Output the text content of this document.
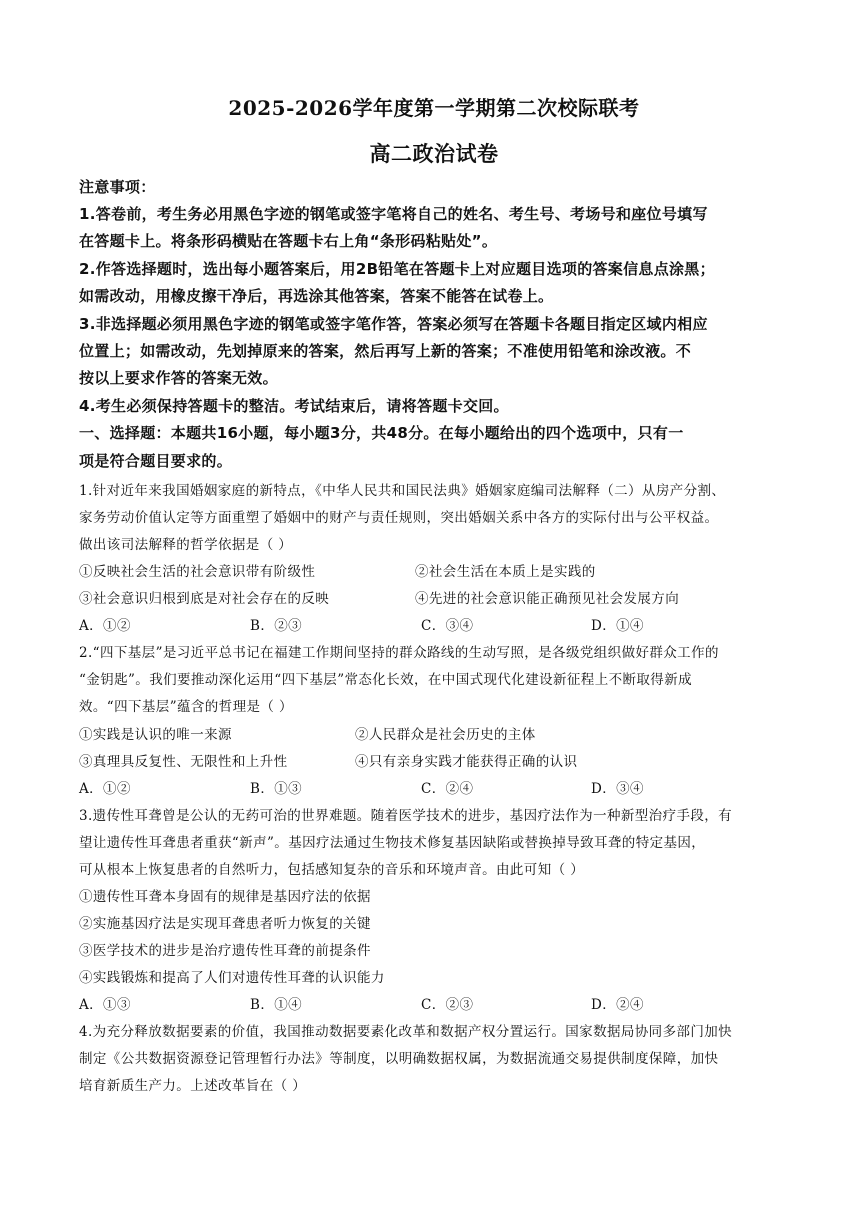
2025-2026学年度第一学期第二次校际联考
高二政治试卷
注意事项：
1.答卷前，考生务必用黑色字迹的钢笔或签字笔将自己的姓名、考生号、考场号和座位号填写
在答题卡上。将条形码横贴在答题卡右上角“条形码粘贴处”。
2.作答选择题时，选出每小题答案后，用2B铅笔在答题卡上对应题目选项的答案信息点涂黑；
如需改动，用橡皮擦干净后，再选涂其他答案，答案不能答在试卷上。
3.非选择题必须用黑色字迹的钢笔或签字笔作答，答案必须写在答题卡各题目指定区域内相应
位置上；如需改动，先划掉原来的答案，然后再写上新的答案；不准使用铅笔和涂改液。不
按以上要求作答的答案无效。
4.考生必须保持答题卡的整洁。考试结束后，请将答题卡交回。
一、选择题：本题共16小题，每小题3分，共48分。在每小题给出的四个选项中，只有一
项是符合题目要求的。
1.针对近年来我国婚姻家庭的新特点，《中华人民共和国民法典》婚姻家庭编司法解释（二）从房产分割、
家务劳动价值认定等方面重塑了婚姻中的财产与责任规则，突出婚姻关系中各方的实际付出与公平权益。
做出该司法解释的哲学依据是（ ）
①反映社会生活的社会意识带有阶级性	②社会生活在本质上是实践的
③社会意识归根到底是对社会存在的反映	④先进的社会意识能正确预见社会发展方向
A．①②	B．②③	C．③④	D．①④
2.“四下基层”是习近平总书记在福建工作期间坚持的群众路线的生动写照，是各级党组织做好群众工作的
“金钥匙”。我们要推动深化运用“四下基层”常态化长效，在中国式现代化建设新征程上不断取得新成
效。“四下基层”蕴含的哲理是（ ）
①实践是认识的唯一来源	②人民群众是社会历史的主体
③真理具反复性、无限性和上升性	④只有亲身实践才能获得正确的认识
A．①②	B．①③	C．②④	D．③④
3.遗传性耳聋曾是公认的无药可治的世界难题。随着医学技术的进步，基因疗法作为一种新型治疗手段，有
望让遗传性耳聋患者重获“新声”。基因疗法通过生物技术修复基因缺陷或替换掉导致耳聋的特定基因，
可从根本上恢复患者的自然听力，包括感知复杂的音乐和环境声音。由此可知（ ）
①遗传性耳聋本身固有的规律是基因疗法的依据
②实施基因疗法是实现耳聋患者听力恢复的关键
③医学技术的进步是治疗遗传性耳聋的前提条件
④实践锻炼和提高了人们对遗传性耳聋的认识能力
A．①③	B．①④	C．②③	D．②④
4.为充分释放数据要素的价值，我国推动数据要素化改革和数据产权分置运行。国家数据局协同多部门加快
制定《公共数据资源登记管理暂行办法》等制度，以明确数据权属，为数据流通交易提供制度保障，加快
培育新质生产力。上述改革旨在（ ）
